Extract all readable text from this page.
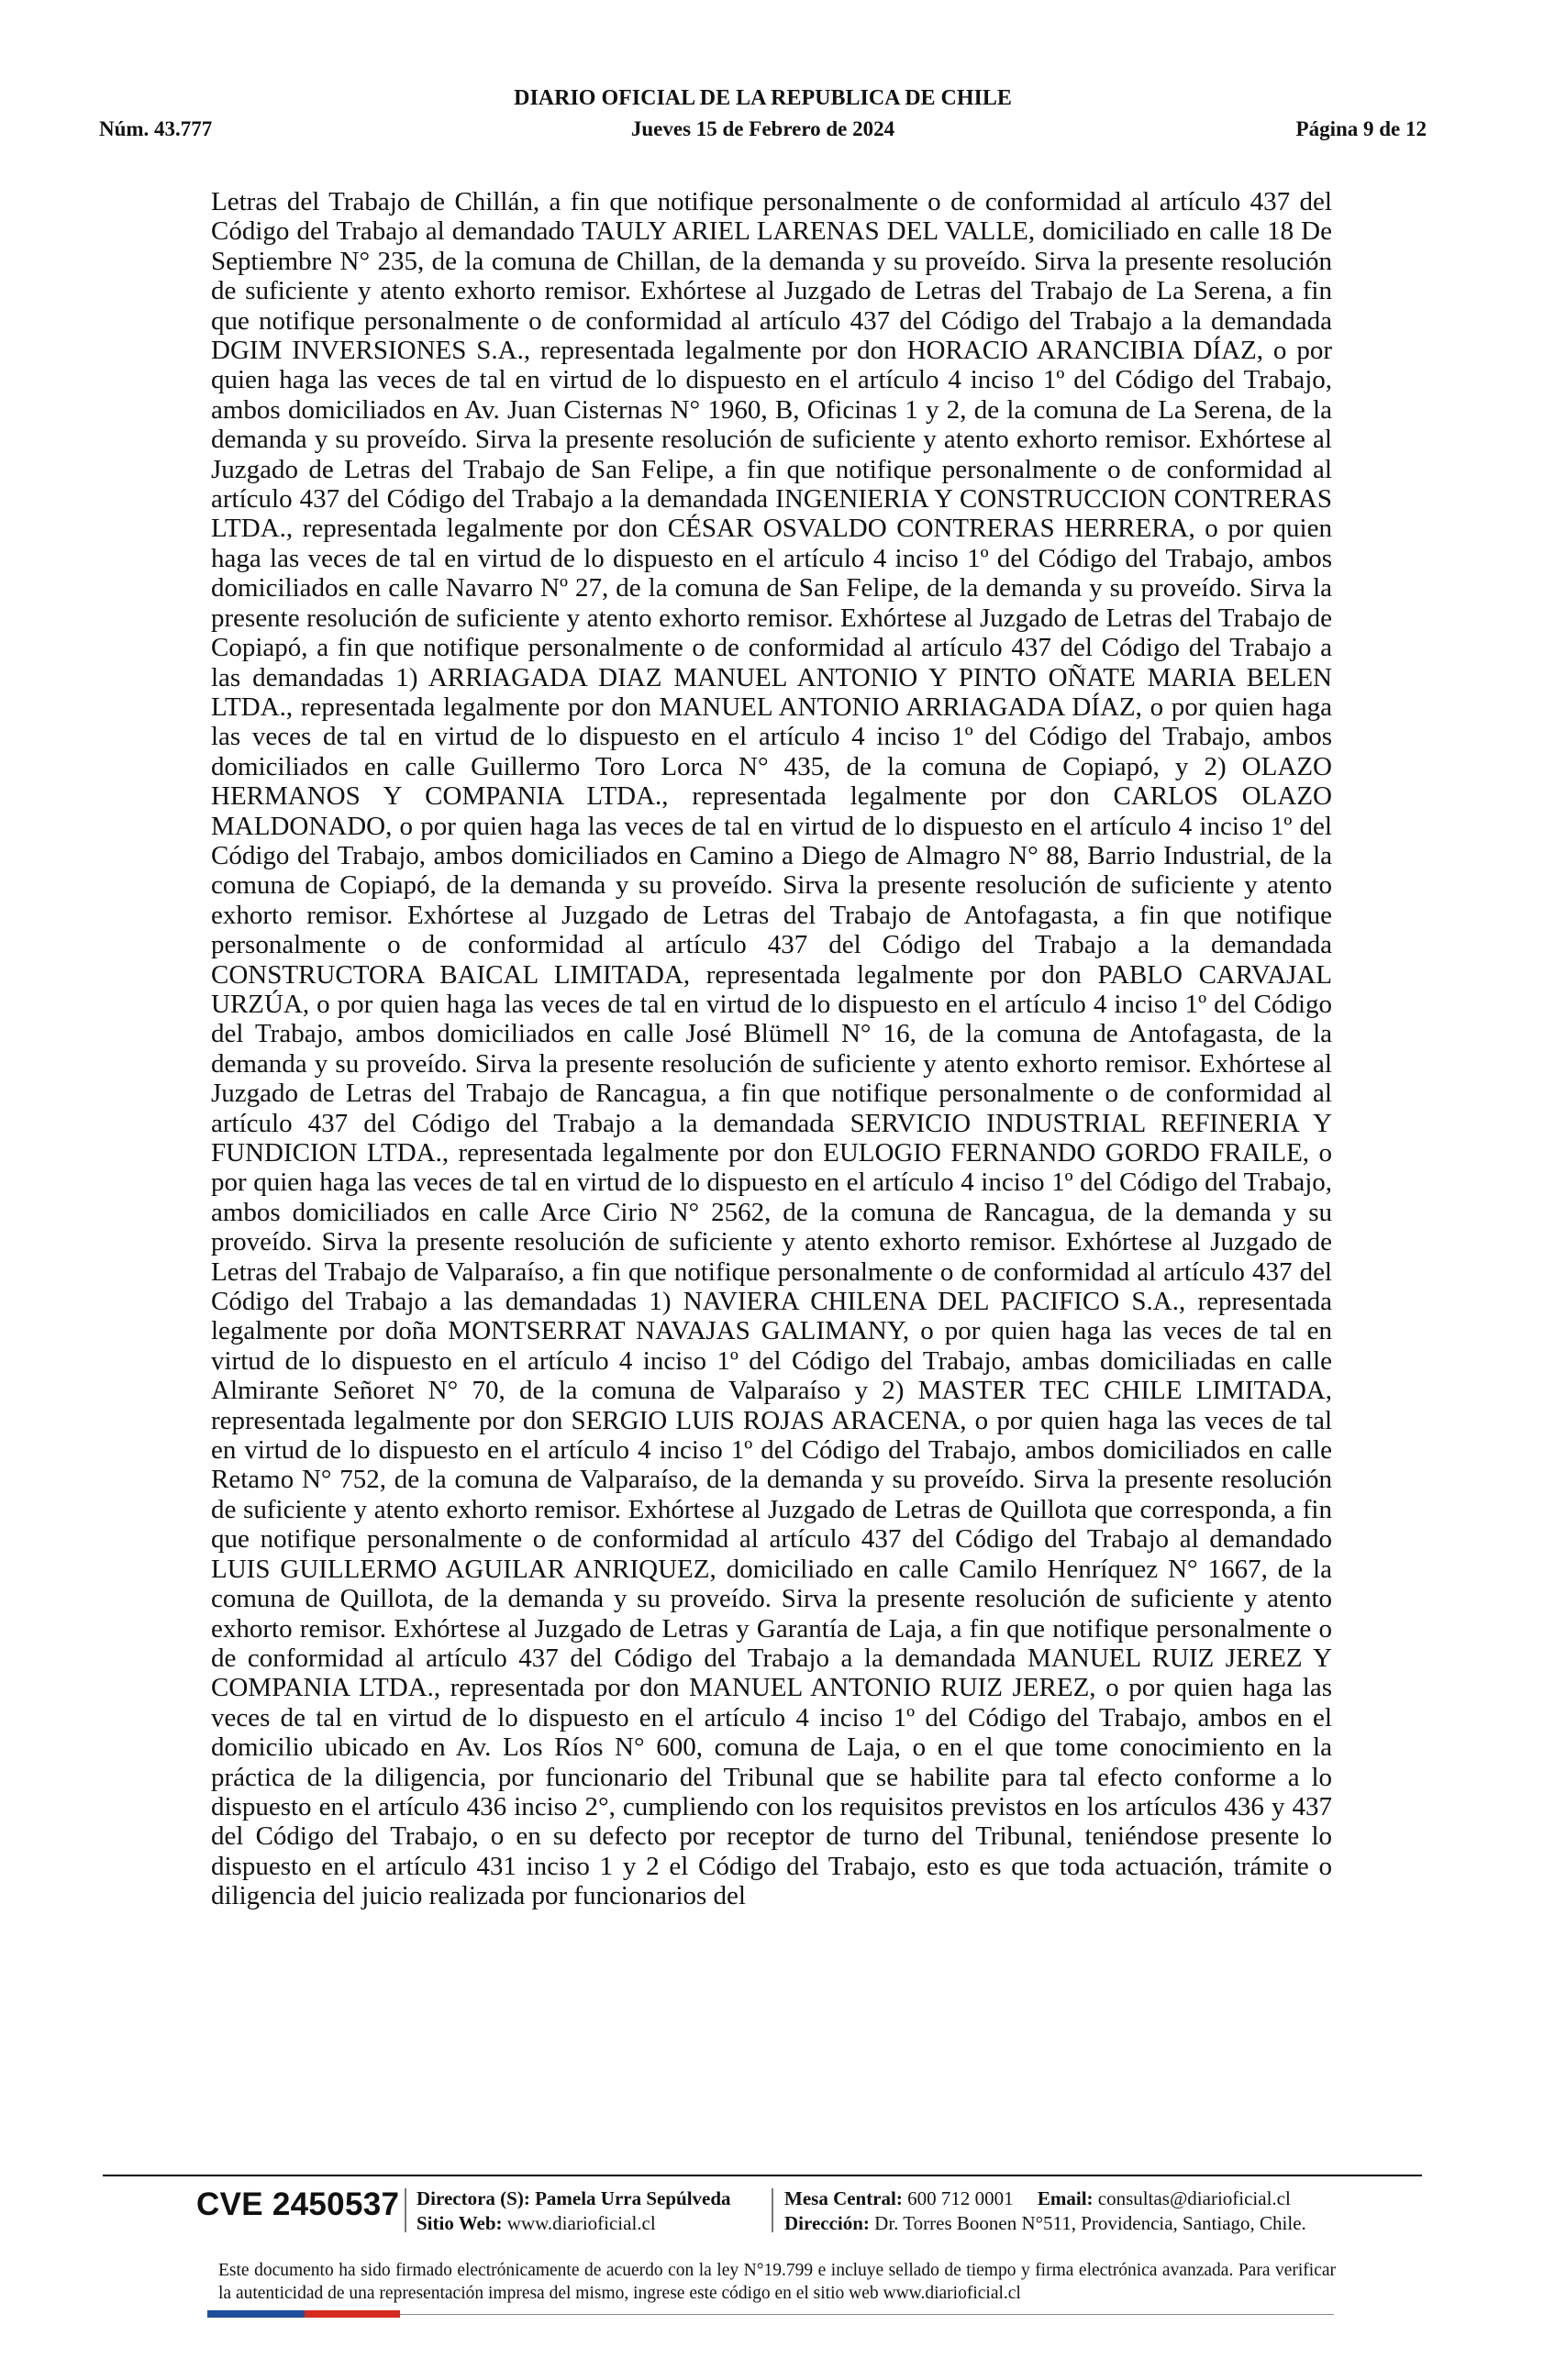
DIARIO OFICIAL DE LA REPUBLICA DE CHILE
Núm. 43.777	Jueves 15 de Febrero de 2024	Página 9 de 12
Letras del Trabajo de Chillán, a fin que notifique personalmente o de conformidad al artículo 437 del Código del Trabajo al demandado TAULY ARIEL LARENAS DEL VALLE, domiciliado en calle 18 De Septiembre N° 235, de la comuna de Chillan, de la demanda y su proveído. Sirva la presente resolución de suficiente y atento exhorto remisor. Exhórtese al Juzgado de Letras del Trabajo de La Serena, a fin que notifique personalmente o de conformidad al artículo 437 del Código del Trabajo a la demandada DGIM INVERSIONES S.A., representada legalmente por don HORACIO ARANCIBIA DÍAZ, o por quien haga las veces de tal en virtud de lo dispuesto en el artículo 4 inciso 1º del Código del Trabajo, ambos domiciliados en Av. Juan Cisternas N° 1960, B, Oficinas 1 y 2, de la comuna de La Serena, de la demanda y su proveído. Sirva la presente resolución de suficiente y atento exhorto remisor. Exhórtese al Juzgado de Letras del Trabajo de San Felipe, a fin que notifique personalmente o de conformidad al artículo 437 del Código del Trabajo a la demandada INGENIERIA Y CONSTRUCCION CONTRERAS LTDA., representada legalmente por don CÉSAR OSVALDO CONTRERAS HERRERA, o por quien haga las veces de tal en virtud de lo dispuesto en el artículo 4 inciso 1º del Código del Trabajo, ambos domiciliados en calle Navarro Nº 27, de la comuna de San Felipe, de la demanda y su proveído. Sirva la presente resolución de suficiente y atento exhorto remisor. Exhórtese al Juzgado de Letras del Trabajo de Copiapó, a fin que notifique personalmente o de conformidad al artículo 437 del Código del Trabajo a las demandadas 1) ARRIAGADA DIAZ MANUEL ANTONIO Y PINTO OÑATE MARIA BELEN LTDA., representada legalmente por don MANUEL ANTONIO ARRIAGADA DÍAZ, o por quien haga las veces de tal en virtud de lo dispuesto en el artículo 4 inciso 1º del Código del Trabajo, ambos domiciliados en calle Guillermo Toro Lorca N° 435, de la comuna de Copiapó, y 2) OLAZO HERMANOS Y COMPANIA LTDA., representada legalmente por don CARLOS OLAZO MALDONADO, o por quien haga las veces de tal en virtud de lo dispuesto en el artículo 4 inciso 1º del Código del Trabajo, ambos domiciliados en Camino a Diego de Almagro N° 88, Barrio Industrial, de la comuna de Copiapó, de la demanda y su proveído. Sirva la presente resolución de suficiente y atento exhorto remisor. Exhórtese al Juzgado de Letras del Trabajo de Antofagasta, a fin que notifique personalmente o de conformidad al artículo 437 del Código del Trabajo a la demandada CONSTRUCTORA BAICAL LIMITADA, representada legalmente por don PABLO CARVAJAL URZÚA, o por quien haga las veces de tal en virtud de lo dispuesto en el artículo 4 inciso 1º del Código del Trabajo, ambos domiciliados en calle José Blümell N° 16, de la comuna de Antofagasta, de la demanda y su proveído. Sirva la presente resolución de suficiente y atento exhorto remisor. Exhórtese al Juzgado de Letras del Trabajo de Rancagua, a fin que notifique personalmente o de conformidad al artículo 437 del Código del Trabajo a la demandada SERVICIO INDUSTRIAL REFINERIA Y FUNDICION LTDA., representada legalmente por don EULOGIO FERNANDO GORDO FRAILE, o por quien haga las veces de tal en virtud de lo dispuesto en el artículo 4 inciso 1º del Código del Trabajo, ambos domiciliados en calle Arce Cirio N° 2562, de la comuna de Rancagua, de la demanda y su proveído. Sirva la presente resolución de suficiente y atento exhorto remisor. Exhórtese al Juzgado de Letras del Trabajo de Valparaíso, a fin que notifique personalmente o de conformidad al artículo 437 del Código del Trabajo a las demandadas 1) NAVIERA CHILENA DEL PACIFICO S.A., representada legalmente por doña MONTSERRAT NAVAJAS GALIMANY, o por quien haga las veces de tal en virtud de lo dispuesto en el artículo 4 inciso 1º del Código del Trabajo, ambas domiciliadas en calle Almirante Señoret N° 70, de la comuna de Valparaíso y 2) MASTER TEC CHILE LIMITADA, representada legalmente por don SERGIO LUIS ROJAS ARACENA, o por quien haga las veces de tal en virtud de lo dispuesto en el artículo 4 inciso 1º del Código del Trabajo, ambos domiciliados en calle Retamo N° 752, de la comuna de Valparaíso, de la demanda y su proveído. Sirva la presente resolución de suficiente y atento exhorto remisor. Exhórtese al Juzgado de Letras de Quillota que corresponda, a fin que notifique personalmente o de conformidad al artículo 437 del Código del Trabajo al demandado LUIS GUILLERMO AGUILAR ANRIQUEZ, domiciliado en calle Camilo Henríquez N° 1667, de la comuna de Quillota, de la demanda y su proveído. Sirva la presente resolución de suficiente y atento exhorto remisor. Exhórtese al Juzgado de Letras y Garantía de Laja, a fin que notifique personalmente o de conformidad al artículo 437 del Código del Trabajo a la demandada MANUEL RUIZ JEREZ Y COMPANIA LTDA., representada por don MANUEL ANTONIO RUIZ JEREZ, o por quien haga las veces de tal en virtud de lo dispuesto en el artículo 4 inciso 1º del Código del Trabajo, ambos en el domicilio ubicado en Av. Los Ríos N° 600, comuna de Laja, o en el que tome conocimiento en la práctica de la diligencia, por funcionario del Tribunal que se habilite para tal efecto conforme a lo dispuesto en el artículo 436 inciso 2°, cumpliendo con los requisitos previstos en los artículos 436 y 437 del Código del Trabajo, o en su defecto por receptor de turno del Tribunal, teniéndose presente lo dispuesto en el artículo 431 inciso 1 y 2 el Código del Trabajo, esto es que toda actuación, trámite o diligencia del juicio realizada por funcionarios del
CVE 2450537 Directora (S): Pamela Urra Sepúlveda
Sitio Web: www.diarioficial.cl
Mesa Central: 600 712 0001 Email: consultas@diarioficial.cl
Dirección: Dr. Torres Boonen N°511, Providencia, Santiago, Chile.
Este documento ha sido firmado electrónicamente de acuerdo con la ley N°19.799 e incluye sellado de tiempo y firma electrónica avanzada. Para verificar la autenticidad de una representación impresa del mismo, ingrese este código en el sitio web www.diarioficial.cl
